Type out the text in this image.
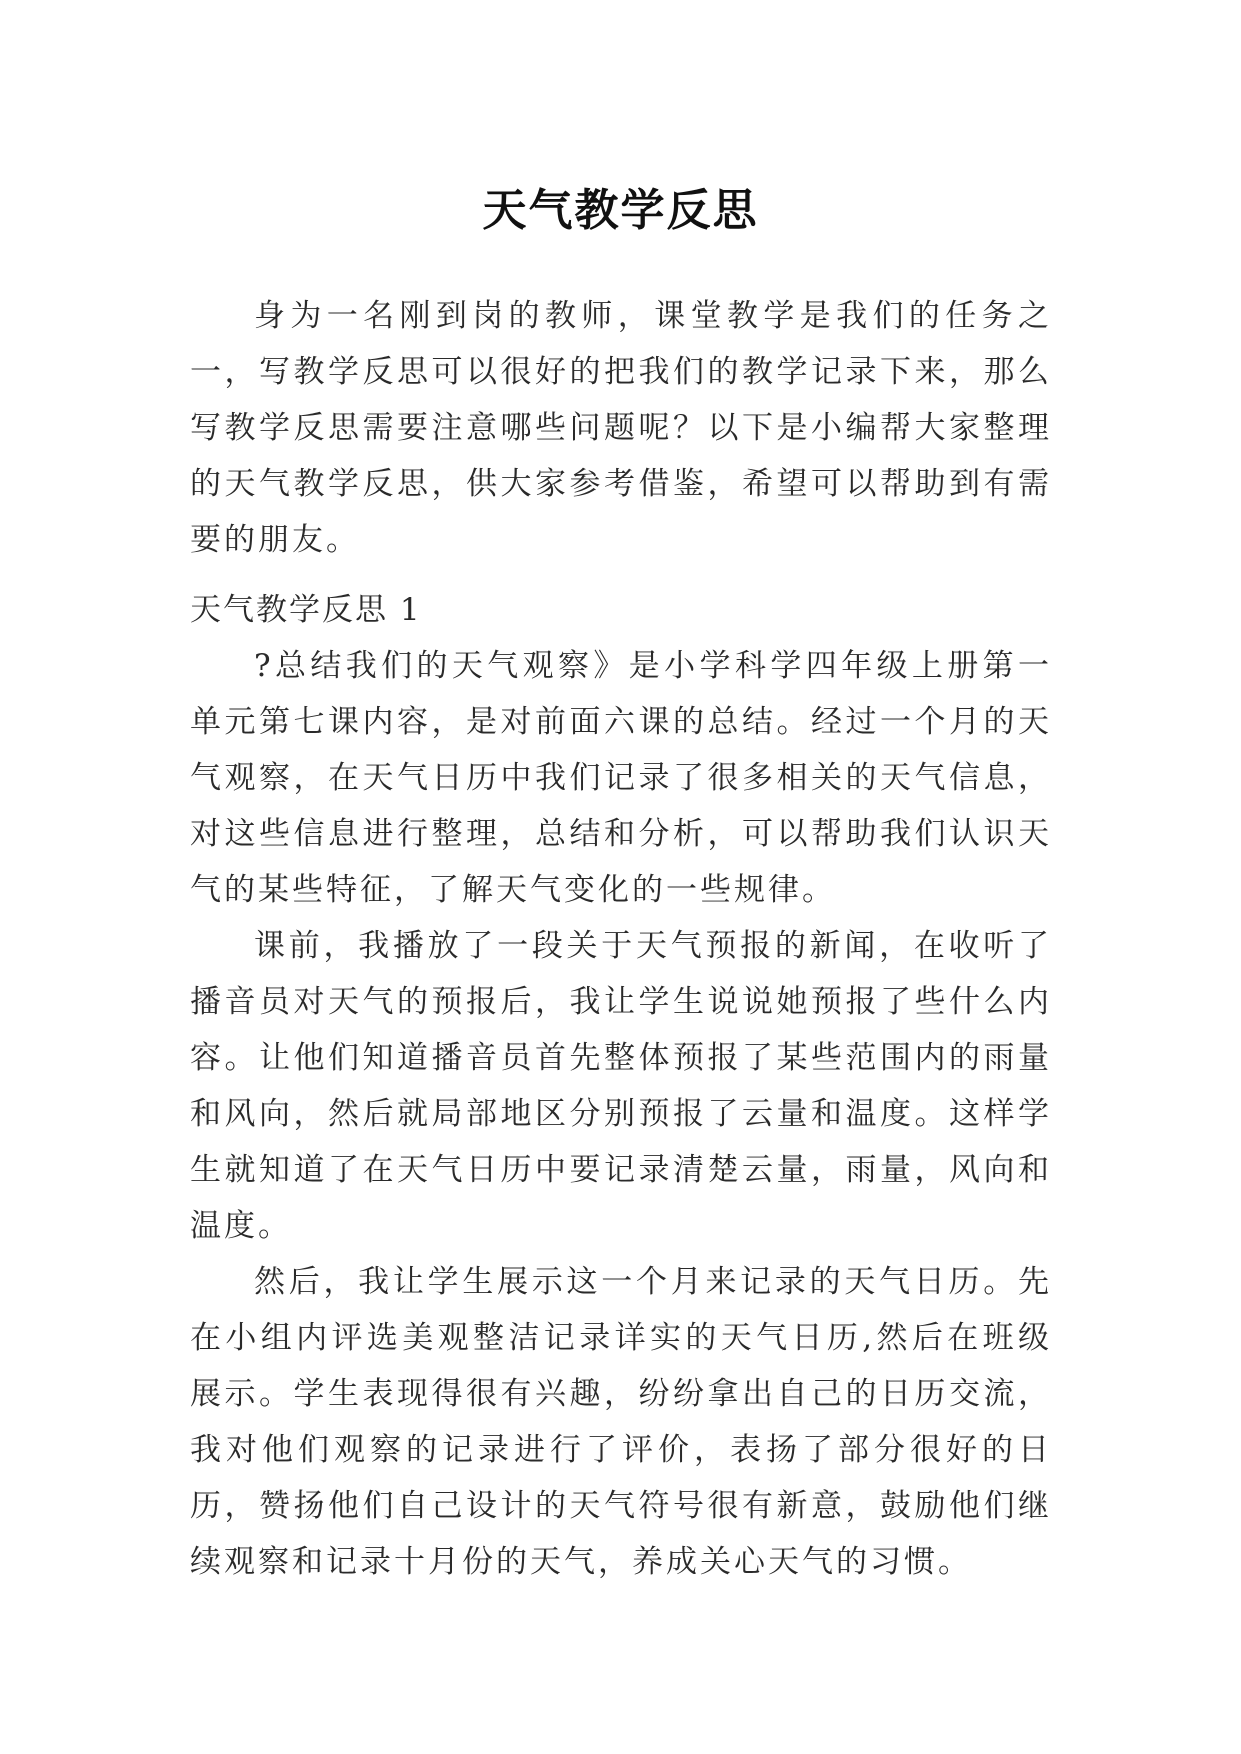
天气教学反思

身为一名刚到岗的教师，课堂教学是我们的任务之一，写教学反思可以很好的把我们的教学记录下来，那么写教学反思需要注意哪些问题呢？以下是小编帮大家整理的天气教学反思，供大家参考借鉴，希望可以帮助到有需要的朋友。

天气教学反思 1

?总结我们的天气观察》是小学科学四年级上册第一单元第七课内容，是对前面六课的总结。经过一个月的天气观察，在天气日历中我们记录了很多相关的天气信息，对这些信息进行整理，总结和分析，可以帮助我们认识天气的某些特征，了解天气变化的一些规律。

课前，我播放了一段关于天气预报的新闻，在收听了播音员对天气的预报后，我让学生说说她预报了些什么内容。让他们知道播音员首先整体预报了某些范围内的雨量和风向，然后就局部地区分别预报了云量和温度。这样学生就知道了在天气日历中要记录清楚云量，雨量，风向和温度。

然后，我让学生展示这一个月来记录的天气日历。先在小组内评选美观整洁记录详实的天气日历,然后在班级展示。学生表现得很有兴趣，纷纷拿出自己的日历交流，我对他们观察的记录进行了评价，表扬了部分很好的日历，赞扬他们自己设计的天气符号很有新意，鼓励他们继续观察和记录十月份的天气，养成关心天气的习惯。
